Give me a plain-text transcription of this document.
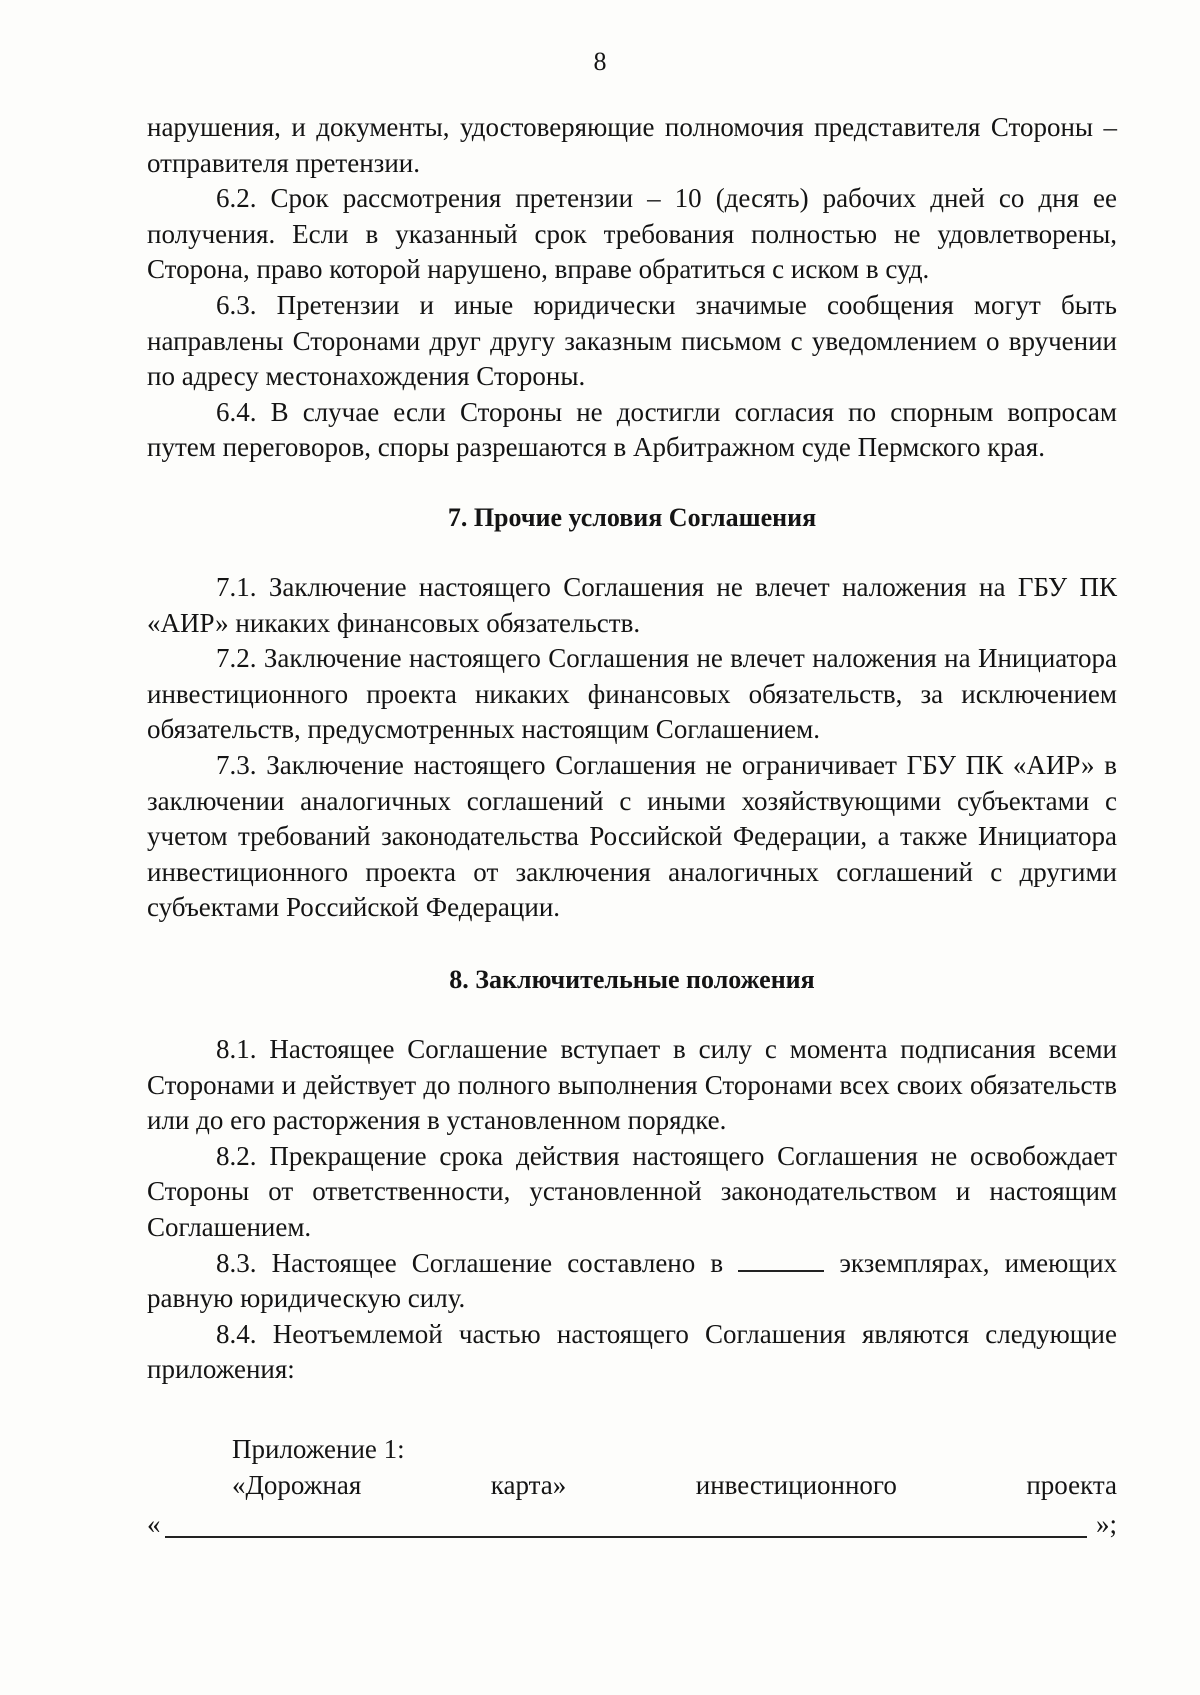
8

нарушения, и документы, удостоверяющие полномочия представителя Стороны – отправителя претензии.

6.2. Срок рассмотрения претензии – 10 (десять) рабочих дней со дня ее получения. Если в указанный срок требования полностью не удовлетворены, Сторона, право которой нарушено, вправе обратиться с иском в суд.

6.3. Претензии и иные юридически значимые сообщения могут быть направлены Сторонами друг другу заказным письмом с уведомлением о вручении по адресу местонахождения Стороны.

6.4. В случае если Стороны не достигли согласия по спорным вопросам путем переговоров, споры разрешаются в Арбитражном суде Пермского края.

7. Прочие условия Соглашения

7.1. Заключение настоящего Соглашения не влечет наложения на ГБУ ПК «АИР» никаких финансовых обязательств.

7.2. Заключение настоящего Соглашения не влечет наложения на Инициатора инвестиционного проекта никаких финансовых обязательств, за исключением обязательств, предусмотренных настоящим Соглашением.

7.3. Заключение настоящего Соглашения не ограничивает ГБУ ПК «АИР» в заключении аналогичных соглашений с иными хозяйствующими субъектами с учетом требований законодательства Российской Федерации, а также Инициатора инвестиционного проекта от заключения аналогичных соглашений с другими субъектами Российской Федерации.

8. Заключительные положения

8.1. Настоящее Соглашение вступает в силу с момента подписания всеми Сторонами и действует до полного выполнения Сторонами всех своих обязательств или до его расторжения в установленном порядке.

8.2. Прекращение срока действия настоящего Соглашения не освобождает Стороны от ответственности, установленной законодательством и настоящим Соглашением.

8.3. Настоящее Соглашение составлено в	экземплярах, имеющих равную юридическую силу.

8.4. Неотъемлемой частью настоящего Соглашения являются следующие приложения:

Приложение 1:
«Дорожная	карта»	инвестиционного	проекта
«	»;
